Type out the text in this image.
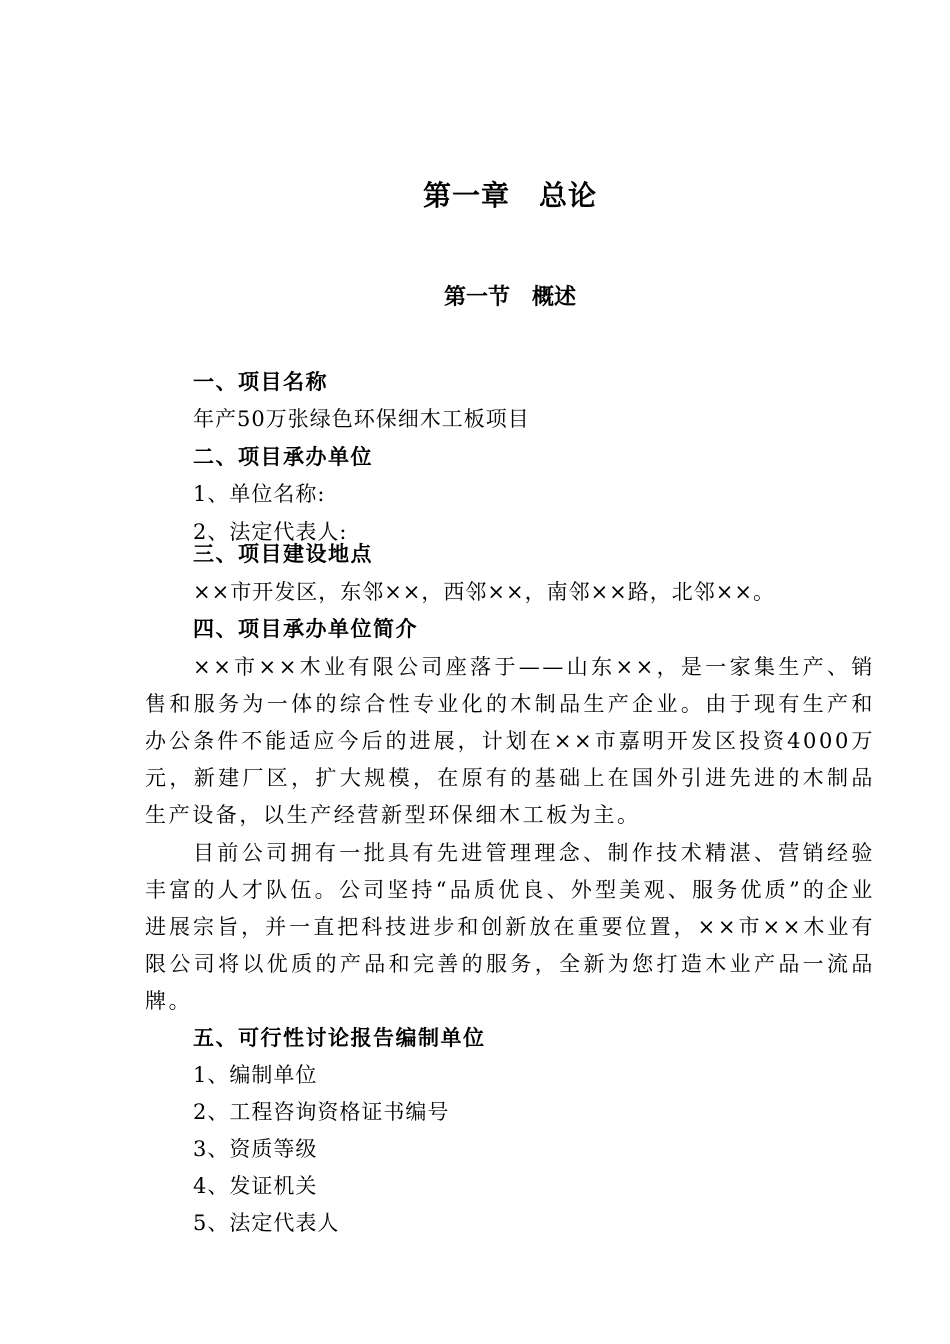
第一章　总论
第一节　概述
一、项目名称
年产50万张绿色环保细木工板项目
二、项目承办单位
1、单位名称:
2、法定代表人:
三、项目建设地点
××市开发区，东邻××，西邻××，南邻××路，北邻××。
四、项目承办单位简介
××市××木业有限公司座落于——山东××，是一家集生产、销售和服务为一体的综合性专业化的木制品生产企业。由于现有生产和办公条件不能适应今后的进展，计划在××市嘉明开发区投资4000万元，新建厂区，扩大规模，在原有的基础上在国外引进先进的木制品生产设备，以生产经营新型环保细木工板为主。
目前公司拥有一批具有先进管理理念、制作技术精湛、营销经验丰富的人才队伍。公司坚持“品质优良、外型美观、服务优质”的企业进展宗旨，并一直把科技进步和创新放在重要位置，××市××木业有限公司将以优质的产品和完善的服务，全新为您打造木业产品一流品牌。
五、可行性讨论报告编制单位
1、编制单位
2、工程咨询资格证书编号
3、资质等级
4、发证机关
5、法定代表人
